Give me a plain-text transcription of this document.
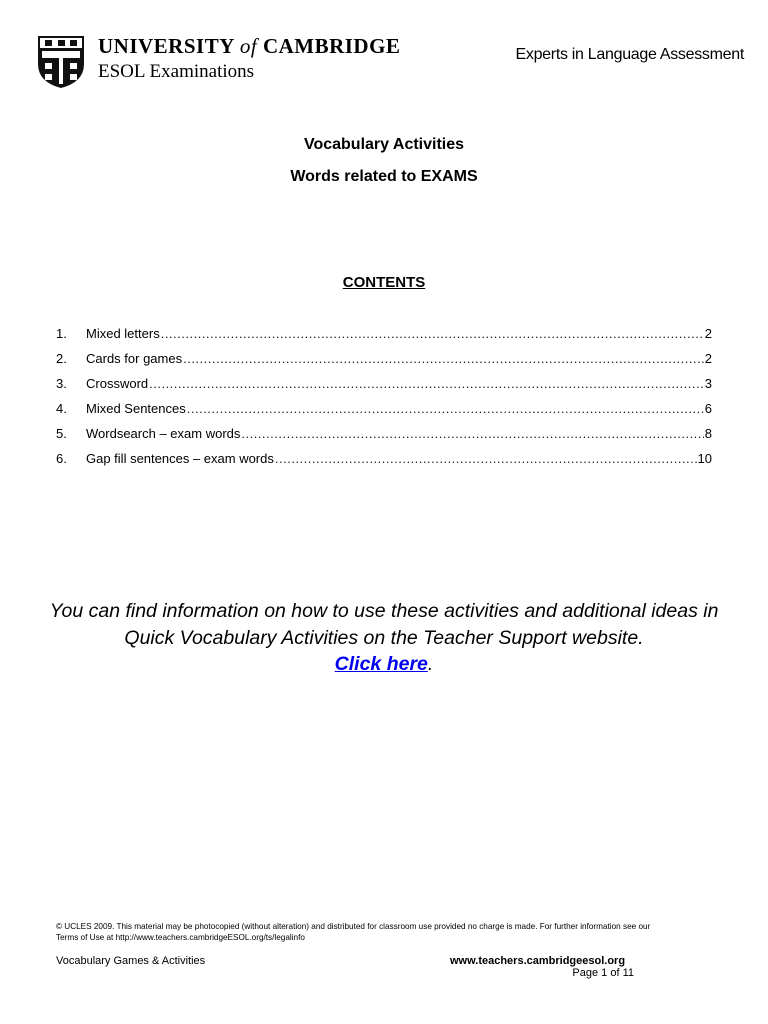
UNIVERSITY of CAMBRIDGE
ESOL Examinations
Experts in Language Assessment
Vocabulary Activities
Words related to EXAMS
CONTENTS
1.	Mixed letters .....	2
2.	Cards for games .....	2
3.	Crossword .....	3
4.	Mixed Sentences .....	6
5.	Wordsearch – exam words .....	8
6.	Gap fill sentences – exam words .....	10
You can find information on how to use these activities and additional ideas in Quick Vocabulary Activities on the Teacher Support website.
Click here.
© UCLES 2009. This material may be photocopied (without alteration) and distributed for classroom use provided no charge is made. For further information see our
Terms of Use at http://www.teachers.cambridgeESOL.org/ts/legalinfo
Vocabulary Games & Activities	www.teachers.cambridgeesol.org
Page 1 of 11
